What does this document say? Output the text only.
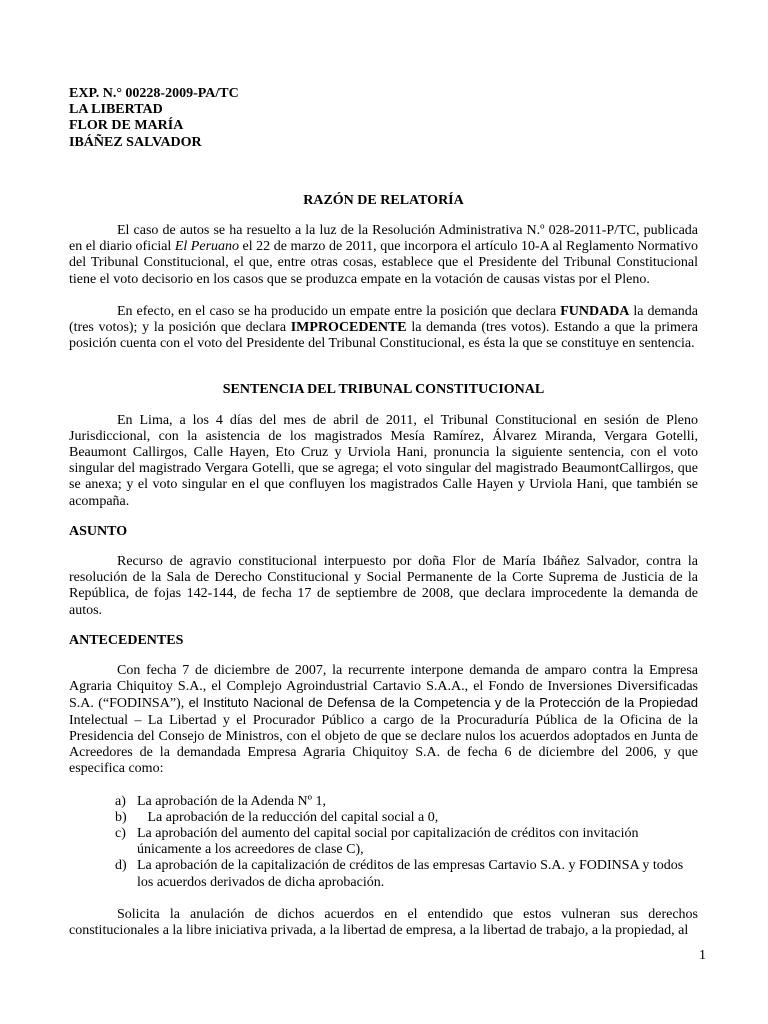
EXP. N.° 00228-2009-PA/TC
LA LIBERTAD
FLOR DE MARÍA
IBÁÑEZ SALVADOR
RAZÓN DE RELATORÍA

El caso de autos se ha resuelto a la luz de la Resolución Administrativa N.º 028-2011-P/TC, publicada en el diario oficial El Peruano el 22 de marzo de 2011, que incorpora el artículo 10-A al Reglamento Normativo del Tribunal Constitucional, el que, entre otras cosas, establece que el Presidente del Tribunal Constitucional tiene el voto decisorio en los casos que se produzca empate en la votación de causas vistas por el Pleno.

En efecto, en el caso se ha producido un empate entre la posición que declara FUNDADA la demanda (tres votos); y la posición que declara IMPROCEDENTE la demanda (tres votos). Estando a que la primera posición cuenta con el voto del Presidente del Tribunal Constitucional, es ésta la que se constituye en sentencia.

SENTENCIA DEL TRIBUNAL CONSTITUCIONAL

En Lima, a los 4 días del mes de abril de 2011, el Tribunal Constitucional en sesión de Pleno Jurisdiccional, con la asistencia de los magistrados Mesía Ramírez, Álvarez Miranda, Vergara Gotelli, Beaumont Callirgos, Calle Hayen, Eto Cruz y Urviola Hani, pronuncia la siguiente sentencia, con el voto singular del magistrado Vergara Gotelli, que se agrega; el voto singular del magistrado BeaumontCallirgos, que se anexa; y el voto singular en el que confluyen los magistrados Calle Hayen y Urviola Hani, que también se acompaña.

ASUNTO

Recurso de agravio constitucional interpuesto por doña Flor de María Ibáñez Salvador, contra la resolución de la Sala de Derecho Constitucional y Social Permanente de la Corte Suprema de Justicia de la República, de fojas 142-144, de fecha 17 de septiembre de 2008, que declara improcedente la demanda de autos.

ANTECEDENTES

Con fecha 7 de diciembre de 2007, la recurrente interpone demanda de amparo contra la Empresa Agraria Chiquitoy S.A., el Complejo Agroindustrial Cartavio S.A.A., el Fondo de Inversiones Diversificadas S.A. (“FODINSA”), el Instituto Nacional de Defensa de la Competencia y de la Protección de la Propiedad Intelectual – La Libertad y el Procurador Público a cargo de la Procuraduría Pública de la Oficina de la Presidencia del Consejo de Ministros, con el objeto de que se declare nulos los acuerdos adoptados en Junta de Acreedores de la demandada Empresa Agraria Chiquitoy S.A. de fecha 6 de diciembre del 2006, y que especifica como:

a) La aprobación de la Adenda Nº 1,
b) La aprobación de la reducción del capital social a 0,
c) La aprobación del aumento del capital social por capitalización de créditos con invitación únicamente a los acreedores de clase C),
d) La aprobación de la capitalización de créditos de las empresas Cartavio S.A. y FODINSA y todos los acuerdos derivados de dicha aprobación.

Solicita la anulación de dichos acuerdos en el entendido que estos vulneran sus derechos constitucionales a la libre iniciativa privada, a la libertad de empresa, a la libertad de trabajo, a la propiedad, al

1
